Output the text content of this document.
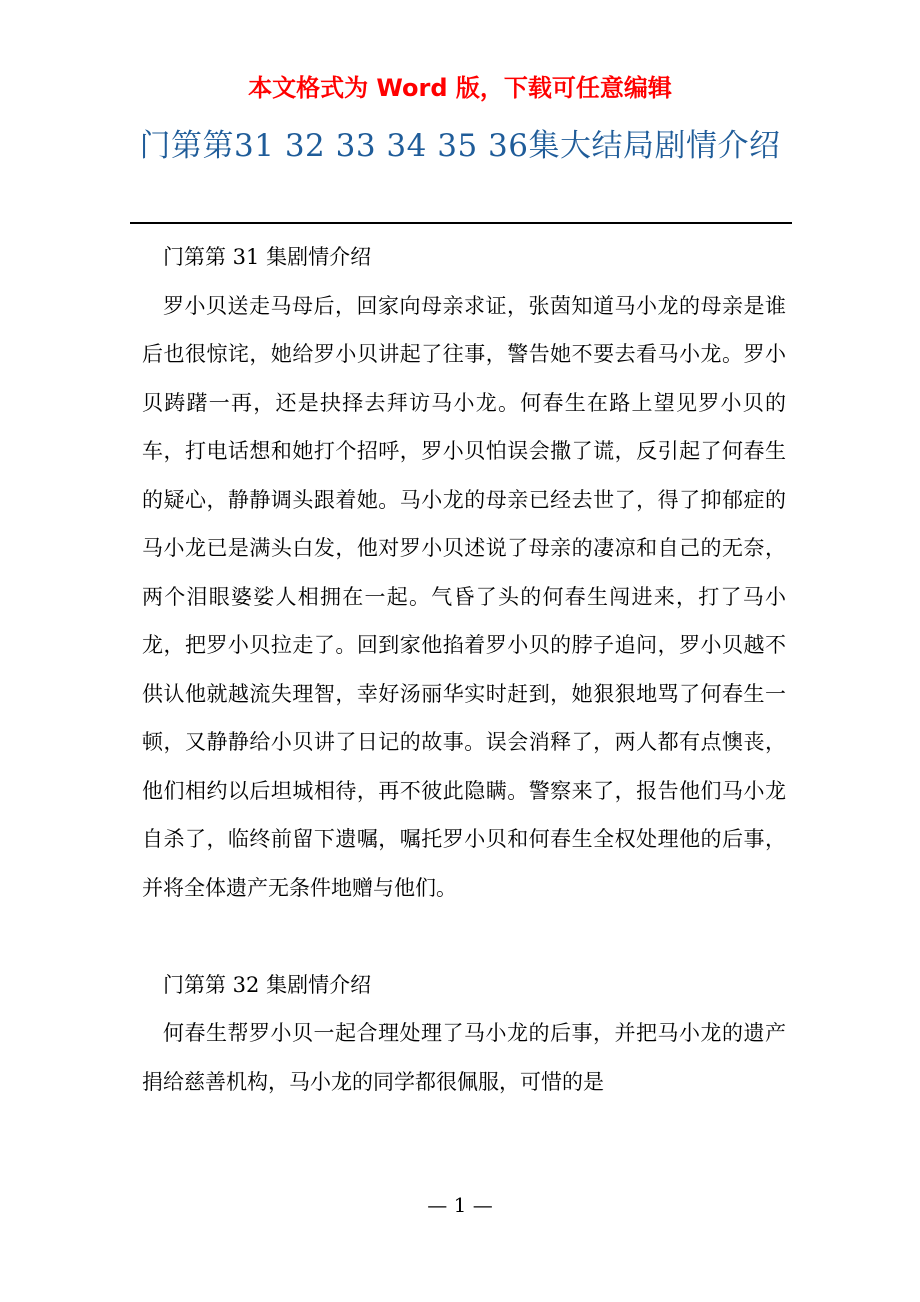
本文格式为 Word 版，下载可任意编辑
门第第31 32 33 34 35 36集大结局剧情介绍

门第第 31 集剧情介绍

罗小贝送走马母后，回家向母亲求证，张茵知道马小龙的母亲是谁后也很惊诧，她给罗小贝讲起了往事，警告她不要去看马小龙。罗小贝踌躇一再，还是抉择去拜访马小龙。何春生在路上望见罗小贝的车，打电话想和她打个招呼，罗小贝怕误会撒了谎，反引起了何春生的疑心，静静调头跟着她。马小龙的母亲已经去世了，得了抑郁症的马小龙已是满头白发，他对罗小贝述说了母亲的凄凉和自己的无奈，两个泪眼婆娑人相拥在一起。气昏了头的何春生闯进来，打了马小龙，把罗小贝拉走了。回到家他掐着罗小贝的脖子追问，罗小贝越不供认他就越流失理智，幸好汤丽华实时赶到，她狠狠地骂了何春生一顿，又静静给小贝讲了日记的故事。误会消释了，两人都有点懊丧，他们相约以后坦城相待，再不彼此隐瞒。警察来了，报告他们马小龙自杀了，临终前留下遗嘱，嘱托罗小贝和何春生全权处理他的后事，并将全体遗产无条件地赠与他们。

门第第 32 集剧情介绍

何春生帮罗小贝一起合理处理了马小龙的后事，并把马小龙的遗产捐给慈善机构，马小龙的同学都很佩服，可惜的是

— 1 —
